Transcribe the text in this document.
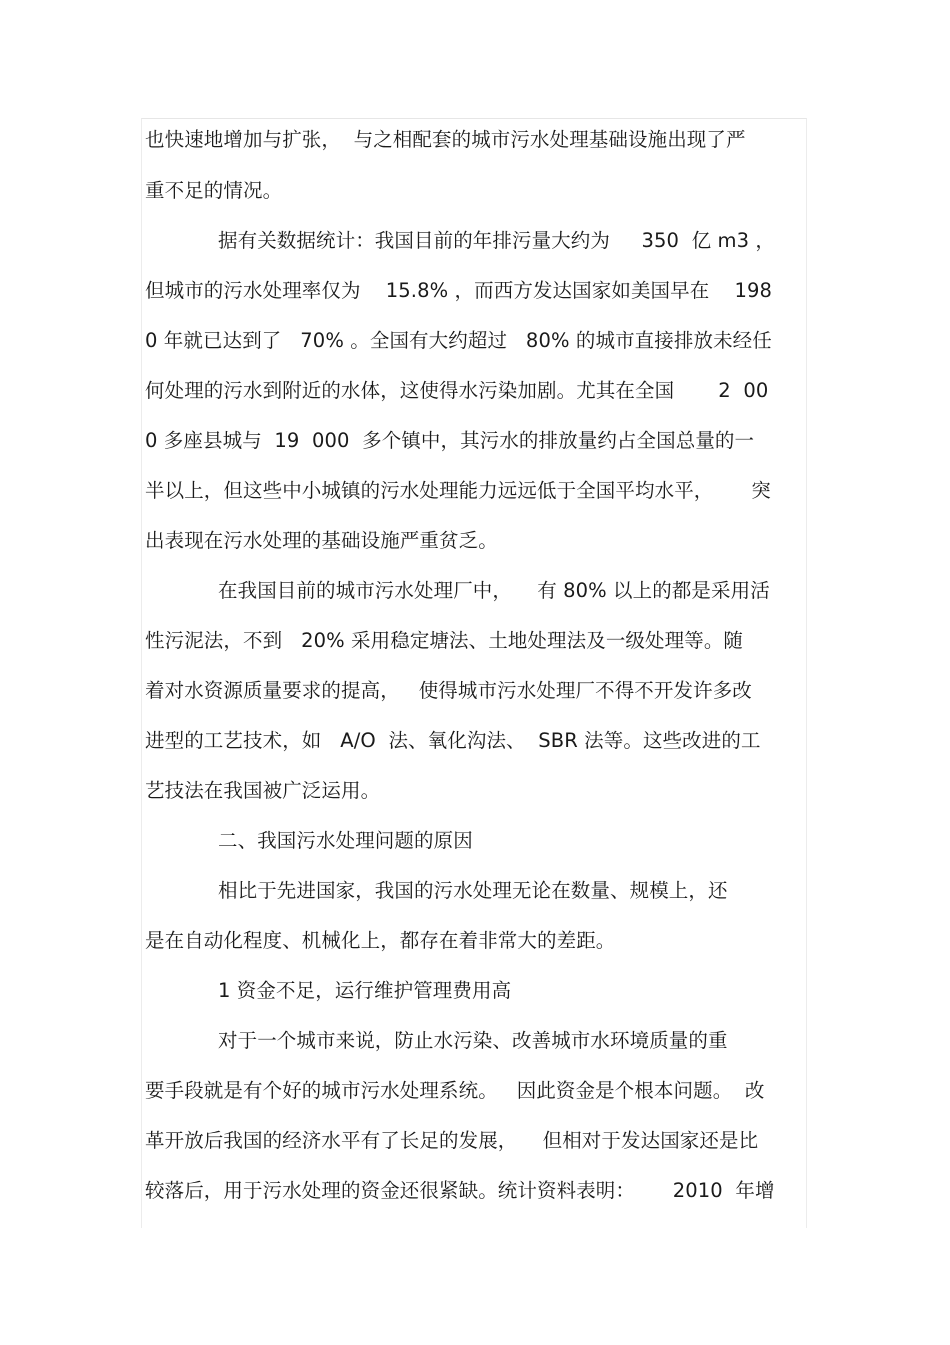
也快速地增加与扩张，  与之相配套的城市污水处理基础设施出现了严
重不足的情况。
据有关数据统计：我国目前的年排污量大约为     350  亿 m3 ，
但城市的污水处理率仅为    15.8% ，而西方发达国家如美国早在    198
0 年就已达到了   70% 。全国有大约超过   80% 的城市直接排放未经任
何处理的污水到附近的水体，这使得水污染加剧。尤其在全国       2  00
0 多座县城与  19  000  多个镇中，其污水的排放量约占全国总量的一
半以上，但这些中小城镇的污水处理能力远远低于全国平均水平，      突
出表现在污水处理的基础设施严重贫乏。
在我国目前的城市污水处理厂中，    有 80% 以上的都是采用活
性污泥法，不到   20% 采用稳定塘法、土地处理法及一级处理等。随
着对水资源质量要求的提高，   使得城市污水处理厂不得不开发许多改
进型的工艺技术，如   A/O  法、氧化沟法、  SBR 法等。这些改进的工
艺技法在我国被广泛运用。
二、我国污水处理问题的原因
相比于先进国家，我国的污水处理无论在数量、规模上，还
是在自动化程度、机械化上，都存在着非常大的差距。
1 资金不足，运行维护管理费用高
对于一个城市来说，防止水污染、改善城市水环境质量的重
要手段就是有个好的城市污水处理系统。   因此资金是个根本问题。  改
革开放后我国的经济水平有了长足的发展，    但相对于发达国家还是比
较落后，用于污水处理的资金还很紧缺。统计资料表明：      2010  年增
